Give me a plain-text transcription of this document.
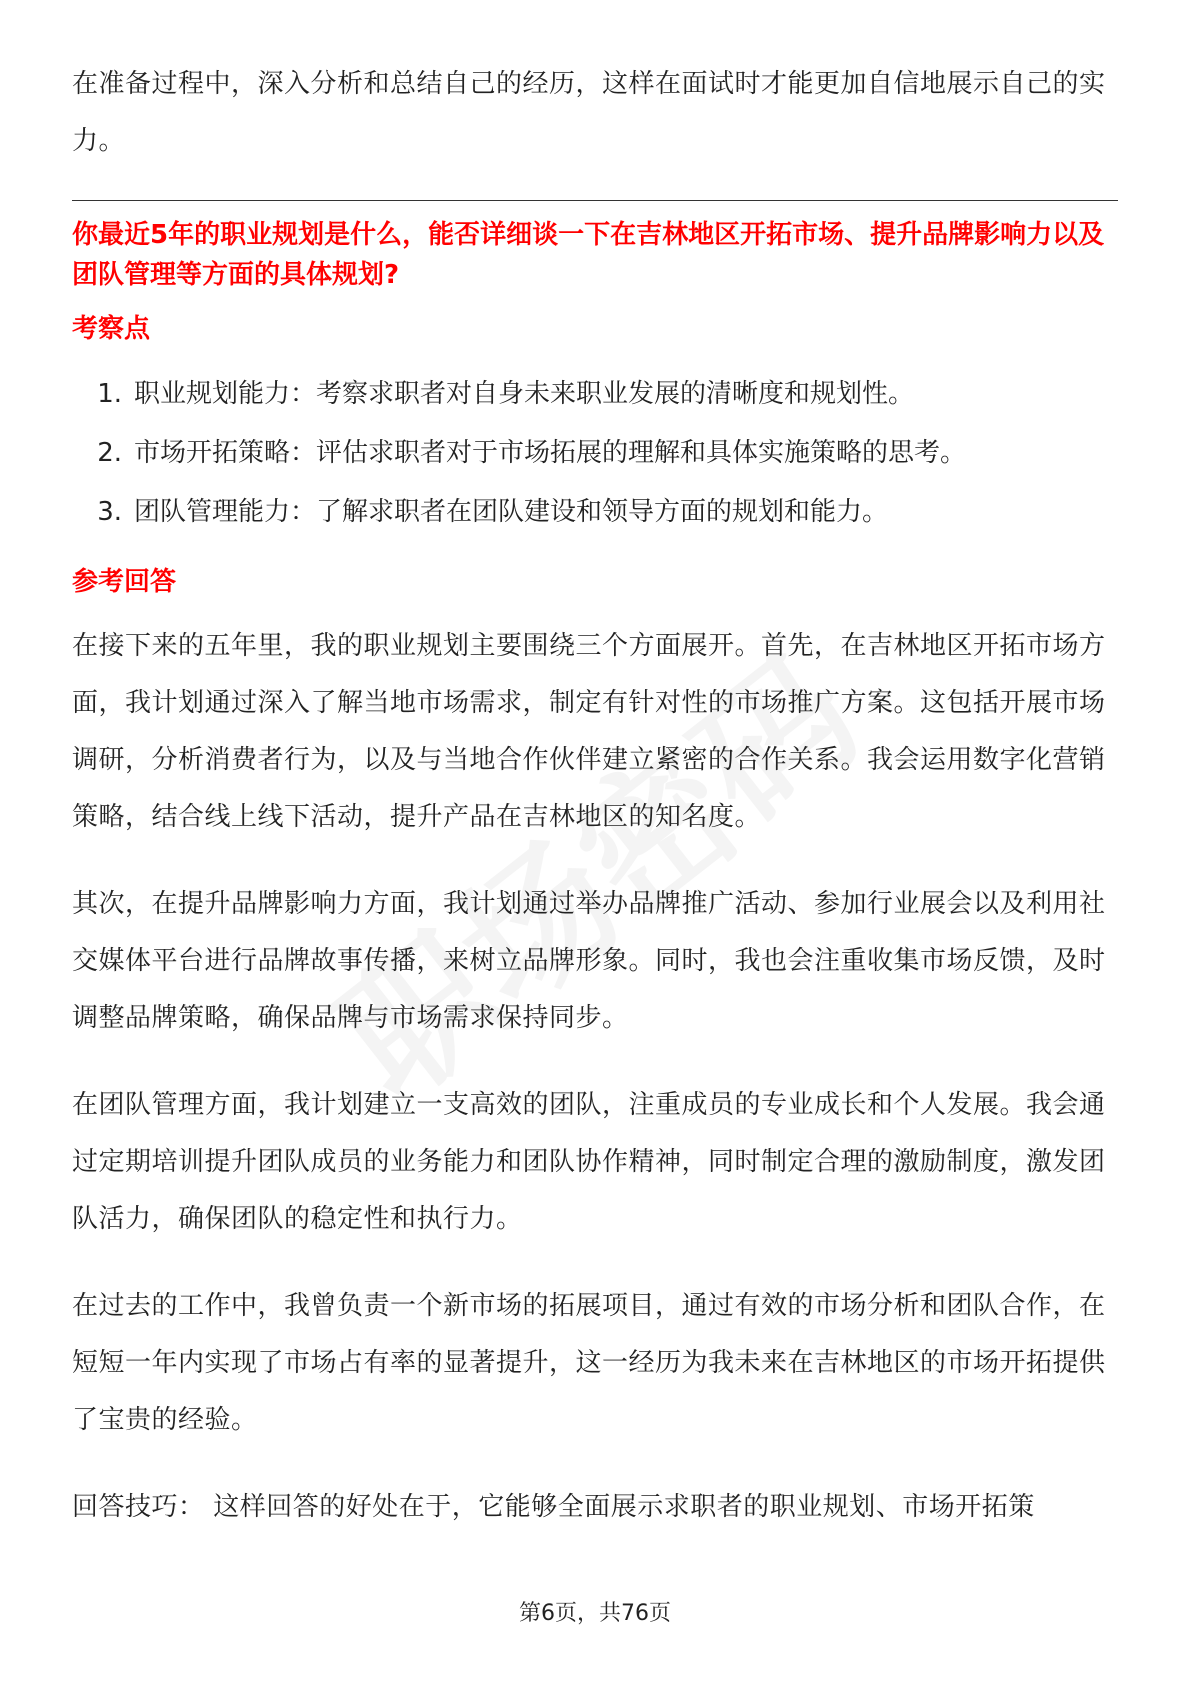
在准备过程中，深入分析和总结自己的经历，这样在面试时才能更加自信地展示自己的实力。

你最近5年的职业规划是什么，能否详细谈一下在吉林地区开拓市场、提升品牌影响力以及团队管理等方面的具体规划?

考察点

1. 职业规划能力：考察求职者对自身未来职业发展的清晰度和规划性。
2. 市场开拓策略：评估求职者对于市场拓展的理解和具体实施策略的思考。
3. 团队管理能力：了解求职者在团队建设和领导方面的规划和能力。

参考回答

在接下来的五年里，我的职业规划主要围绕三个方面展开。首先，在吉林地区开拓市场方面，我计划通过深入了解当地市场需求，制定有针对性的市场推广方案。这包括开展市场调研，分析消费者行为，以及与当地合作伙伴建立紧密的合作关系。我会运用数字化营销策略，结合线上线下活动，提升产品在吉林地区的知名度。

其次，在提升品牌影响力方面，我计划通过举办品牌推广活动、参加行业展会以及利用社交媒体平台进行品牌故事传播，来树立品牌形象。同时，我也会注重收集市场反馈，及时调整品牌策略，确保品牌与市场需求保持同步。

在团队管理方面，我计划建立一支高效的团队，注重成员的专业成长和个人发展。我会通过定期培训提升团队成员的业务能力和团队协作精神，同时制定合理的激励制度，激发团队活力，确保团队的稳定性和执行力。

在过去的工作中，我曾负责一个新市场的拓展项目，通过有效的市场分析和团队合作，在短短一年内实现了市场占有率的显著提升，这一经历为我未来在吉林地区的市场开拓提供了宝贵的经验。

回答技巧： 这样回答的好处在于，它能够全面展示求职者的职业规划、市场开拓策

第6页，共76页
